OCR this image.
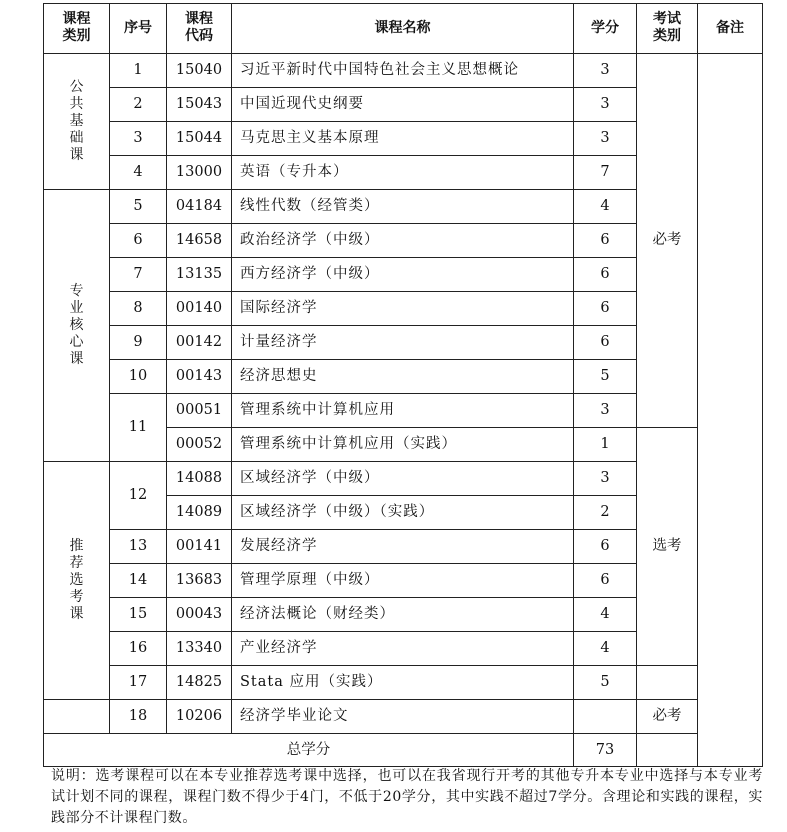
课程类别	序号	课程代码	课程名称	学分	考试类别	备注
公共基础课	1	15040	习近平新时代中国特色社会主义思想概论	3	必考	
	2	15043	中国近现代史纲要	3		
	3	15044	马克思主义基本原理	3		
	4	13000	英语（专升本）	7		
专业核心课	5	04184	线性代数（经管类）	4		
	6	14658	政治经济学（中级）	6		
	7	13135	西方经济学（中级）	6		
	8	00140	国际经济学	6		
	9	00142	计量经济学	6		
	10	00143	经济思想史	5		
	11	00051	管理系统中计算机应用	3		
		00052	管理系统中计算机应用（实践）	1	选考	
推荐选考课	12	14088	区域经济学（中级）	3		
		14089	区域经济学（中级）（实践）	2		
	13	00141	发展经济学	6		
	14	13683	管理学原理（中级）	6		
	15	00043	经济法概论（财经类）	4		
	16	13340	产业经济学	4		
	17	14825	Stata 应用（实践）	5		
	18	10206	经济学毕业论文		必考	
总学分				73		

说明：选考课程可以在本专业推荐选考课中选择，也可以在我省现行开考的其他专升本专业中选择与本专业考试计划不同的课程，课程门数不得少于4门，不低于20学分，其中实践不超过7学分。含理论和实践的课程，实践部分不计课程门数。
